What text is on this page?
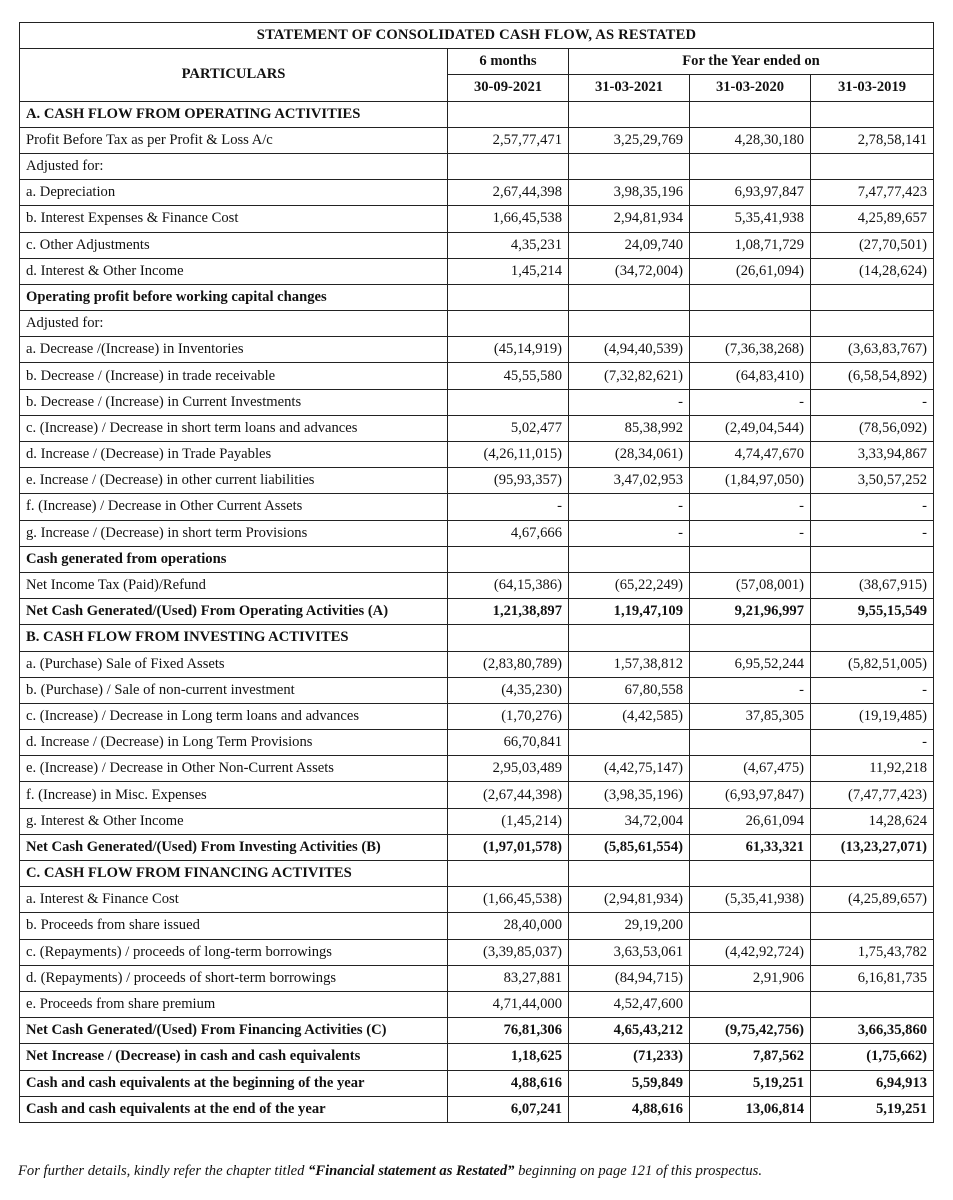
STATEMENT OF CONSOLIDATED CASH FLOW, AS RESTATED				
PARTICULARS	6 months	For the Year ended on		
	30-09-2021	31-03-2021	31-03-2020	31-03-2019
A. CASH FLOW FROM OPERATING ACTIVITIES				
Profit Before Tax as per Profit & Loss A/c	2,57,77,471	3,25,29,769	4,28,30,180	2,78,58,141
Adjusted for:				
a. Depreciation	2,67,44,398	3,98,35,196	6,93,97,847	7,47,77,423
b. Interest Expenses & Finance Cost	1,66,45,538	2,94,81,934	5,35,41,938	4,25,89,657
c. Other Adjustments	4,35,231	24,09,740	1,08,71,729	(27,70,501)
d. Interest & Other Income	1,45,214	(34,72,004)	(26,61,094)	(14,28,624)
Operating profit before working capital changes				
Adjusted for:				
a. Decrease /(Increase) in Inventories	(45,14,919)	(4,94,40,539)	(7,36,38,268)	(3,63,83,767)
b. Decrease / (Increase) in trade receivable	45,55,580	(7,32,82,621)	(64,83,410)	(6,58,54,892)
b. Decrease / (Increase) in Current Investments		-	-	-
c. (Increase) / Decrease in short term loans and advances	5,02,477	85,38,992	(2,49,04,544)	(78,56,092)
d. Increase / (Decrease) in Trade Payables	(4,26,11,015)	(28,34,061)	4,74,47,670	3,33,94,867
e. Increase / (Decrease) in other current liabilities	(95,93,357)	3,47,02,953	(1,84,97,050)	3,50,57,252
f. (Increase) / Decrease in Other Current Assets	-	-	-	-
g. Increase / (Decrease) in short term Provisions	4,67,666	-	-	-
Cash generated from operations				
Net Income Tax (Paid)/Refund	(64,15,386)	(65,22,249)	(57,08,001)	(38,67,915)
Net Cash Generated/(Used) From Operating Activities (A)	1,21,38,897	1,19,47,109	9,21,96,997	9,55,15,549
B. CASH FLOW FROM INVESTING ACTIVITES				
a. (Purchase) Sale of Fixed Assets	(2,83,80,789)	1,57,38,812	6,95,52,244	(5,82,51,005)
b. (Purchase) / Sale of non-current investment	(4,35,230)	67,80,558	-	-
c. (Increase) / Decrease in Long term loans and advances	(1,70,276)	(4,42,585)	37,85,305	(19,19,485)
d. Increase / (Decrease) in Long Term Provisions	66,70,841			-
e. (Increase) / Decrease in Other Non-Current Assets	2,95,03,489	(4,42,75,147)	(4,67,475)	11,92,218
f. (Increase) in Misc. Expenses	(2,67,44,398)	(3,98,35,196)	(6,93,97,847)	(7,47,77,423)
g. Interest & Other Income	(1,45,214)	34,72,004	26,61,094	14,28,624
Net Cash Generated/(Used) From Investing Activities (B)	(1,97,01,578)	(5,85,61,554)	61,33,321	(13,23,27,071)
C. CASH FLOW FROM FINANCING ACTIVITES				
a. Interest & Finance Cost	(1,66,45,538)	(2,94,81,934)	(5,35,41,938)	(4,25,89,657)
b. Proceeds from share issued	28,40,000	29,19,200		
c. (Repayments) / proceeds of long-term borrowings	(3,39,85,037)	3,63,53,061	(4,42,92,724)	1,75,43,782
d. (Repayments) / proceeds of short-term borrowings	83,27,881	(84,94,715)	2,91,906	6,16,81,735
e. Proceeds from share premium	4,71,44,000	4,52,47,600		
Net Cash Generated/(Used) From Financing Activities (C)	76,81,306	4,65,43,212	(9,75,42,756)	3,66,35,860
Net Increase / (Decrease) in cash and cash equivalents	1,18,625	(71,233)	7,87,562	(1,75,662)
Cash and cash equivalents at the beginning of the year	4,88,616	5,59,849	5,19,251	6,94,913
Cash and cash equivalents at the end of the year	6,07,241	4,88,616	13,06,814	5,19,251
For further details, kindly refer the chapter titled “Financial statement as Restated” beginning on page 121 of this prospectus.
